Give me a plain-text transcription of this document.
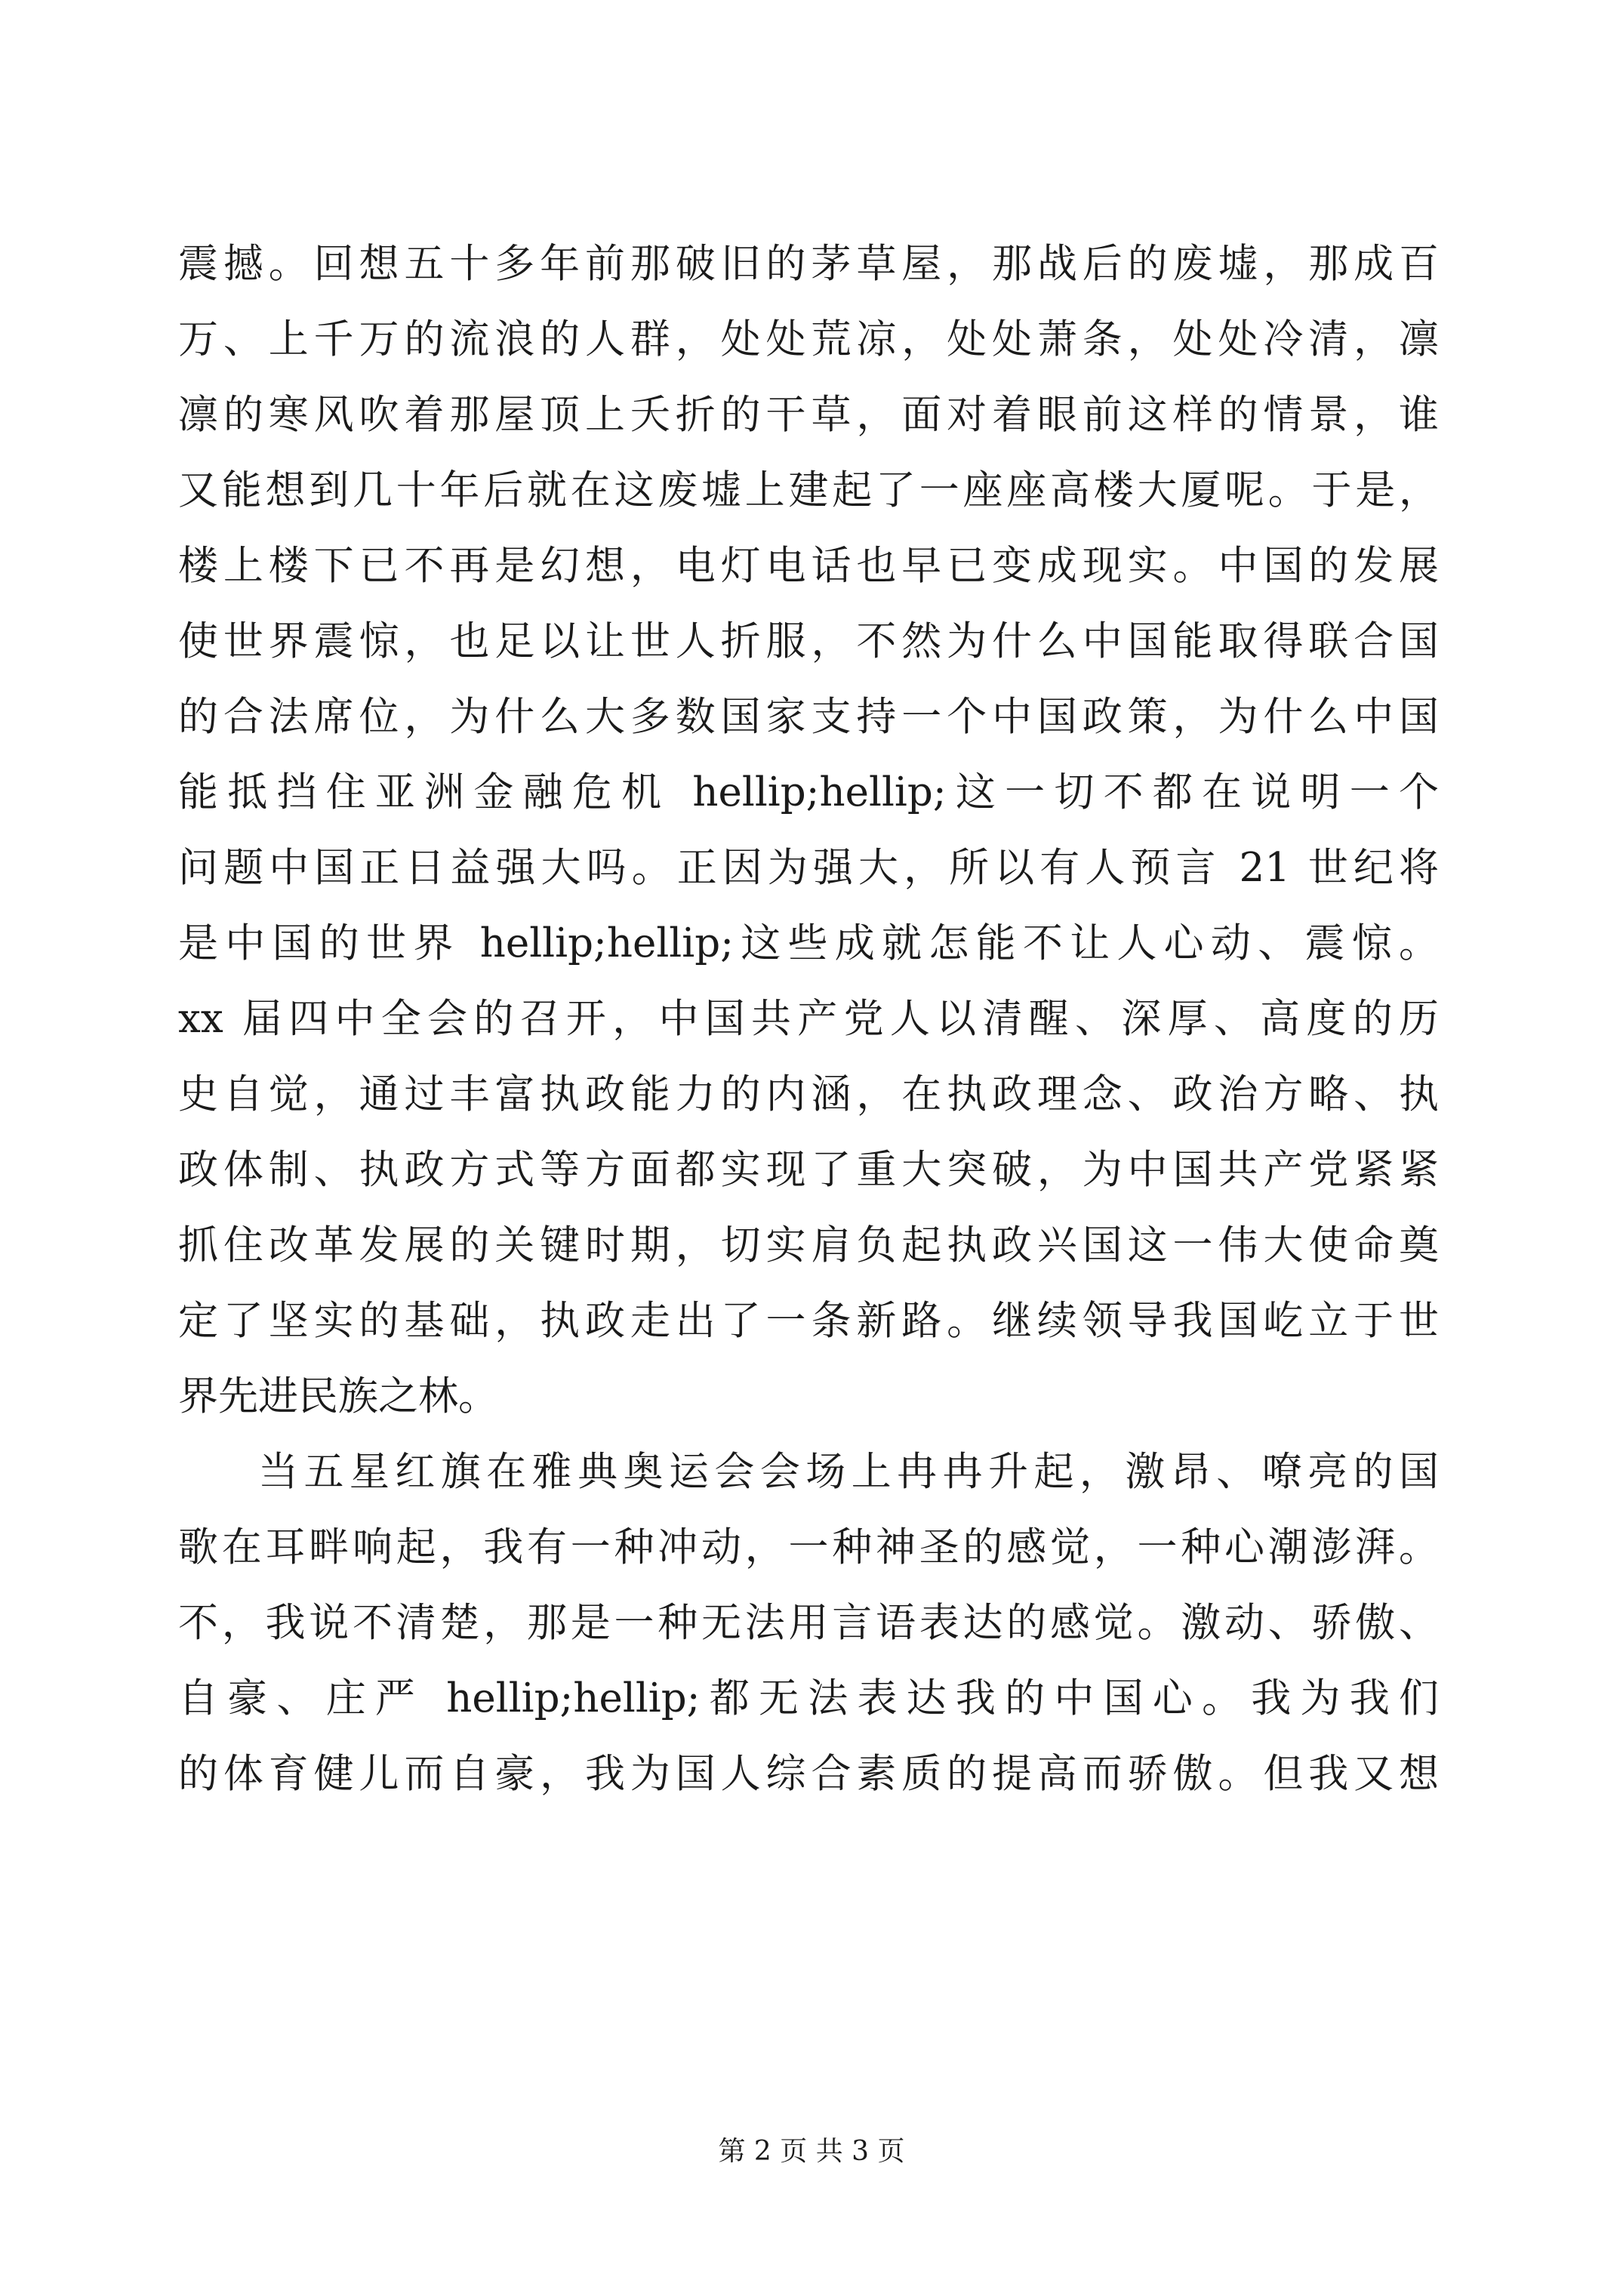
震撼。回想五十多年前那破旧的茅草屋，那战后的废墟，那成百
万、上千万的流浪的人群，处处荒凉，处处萧条，处处冷清，凛
凛的寒风吹着那屋顶上夭折的干草，面对着眼前这样的情景，谁
又能想到几十年后就在这废墟上建起了一座座高楼大厦呢。于是，
楼上楼下已不再是幻想，电灯电话也早已变成现实。中国的发展
使世界震惊，也足以让世人折服，不然为什么中国能取得联合国
的合法席位，为什么大多数国家支持一个中国政策，为什么中国
能抵挡住亚洲金融危机 hellip;hellip;这一切不都在说明一个
问题中国正日益强大吗。正因为强大，所以有人预言 21 世纪将
是中国的世界 hellip;hellip;这些成就怎能不让人心动、震惊。
xx 届四中全会的召开，中国共产党人以清醒、深厚、高度的历
史自觉，通过丰富执政能力的内涵，在执政理念、政治方略、执
政体制、执政方式等方面都实现了重大突破，为中国共产党紧紧
抓住改革发展的关键时期，切实肩负起执政兴国这一伟大使命奠
定了坚实的基础，执政走出了一条新路。继续领导我国屹立于世
界先进民族之林。
当五星红旗在雅典奥运会会场上冉冉升起，激昂、嘹亮的国
歌在耳畔响起，我有一种冲动，一种神圣的感觉，一种心潮澎湃。
不，我说不清楚，那是一种无法用言语表达的感觉。激动、骄傲、
自豪、庄严 hellip;hellip;都无法表达我的中国心。我为我们
的体育健儿而自豪，我为国人综合素质的提高而骄傲。但我又想
第 2 页 共 3 页
